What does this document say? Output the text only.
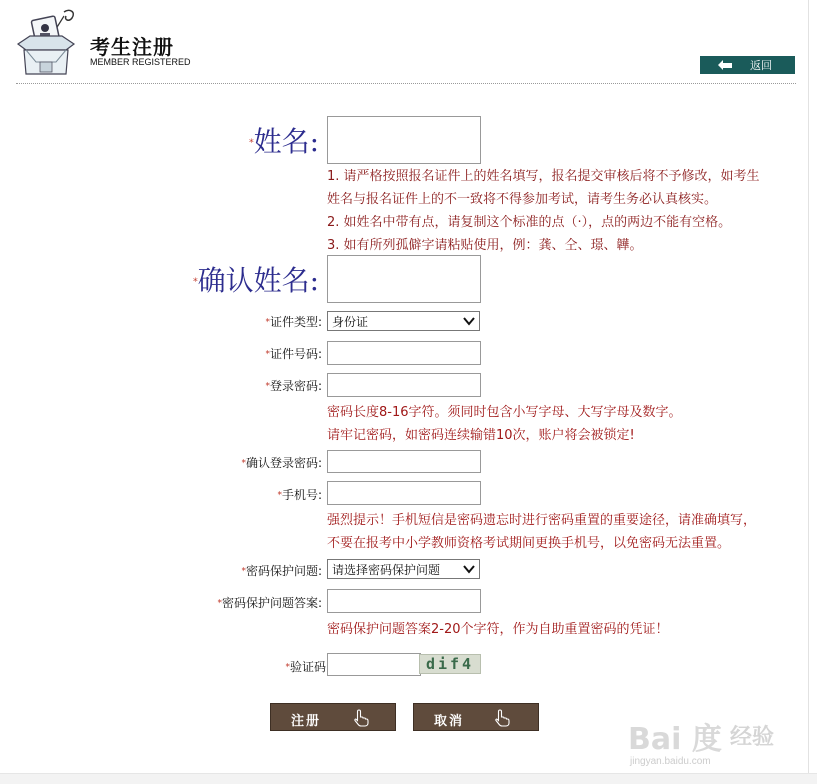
考生注册
MEMBER REGISTERED	返回
*姓名:
1. 请严格按照报名证件上的姓名填写，报名提交审核后将不予修改，如考生
姓名与报名证件上的不一致将不得参加考试，请考生务必认真核实。
2. 如姓名中带有点，请复制这个标准的点（·），点的两边不能有空格。
3. 如有所列孤僻字请粘贴使用，例：龚、仝、璟、韡。
*确认姓名:
*证件类型: 身份证
*证件号码:
*登录密码:
密码长度8-16字符。须同时包含小写字母、大写字母及数字。
请牢记密码，如密码连续输错10次，账户将会被锁定!
*确认登录密码:
*手机号:
强烈提示！手机短信是密码遗忘时进行密码重置的重要途径，请准确填写，
不要在报考中小学教师资格考试期间更换手机号，以免密码无法重置。
*密码保护问题: 请选择密码保护问题
*密码保护问题答案:
密码保护问题答案2-20个字符，作为自助重置密码的凭证！
*验证码	dif4
注册	取消
Bai 度 经验
jingyan.baidu.com
